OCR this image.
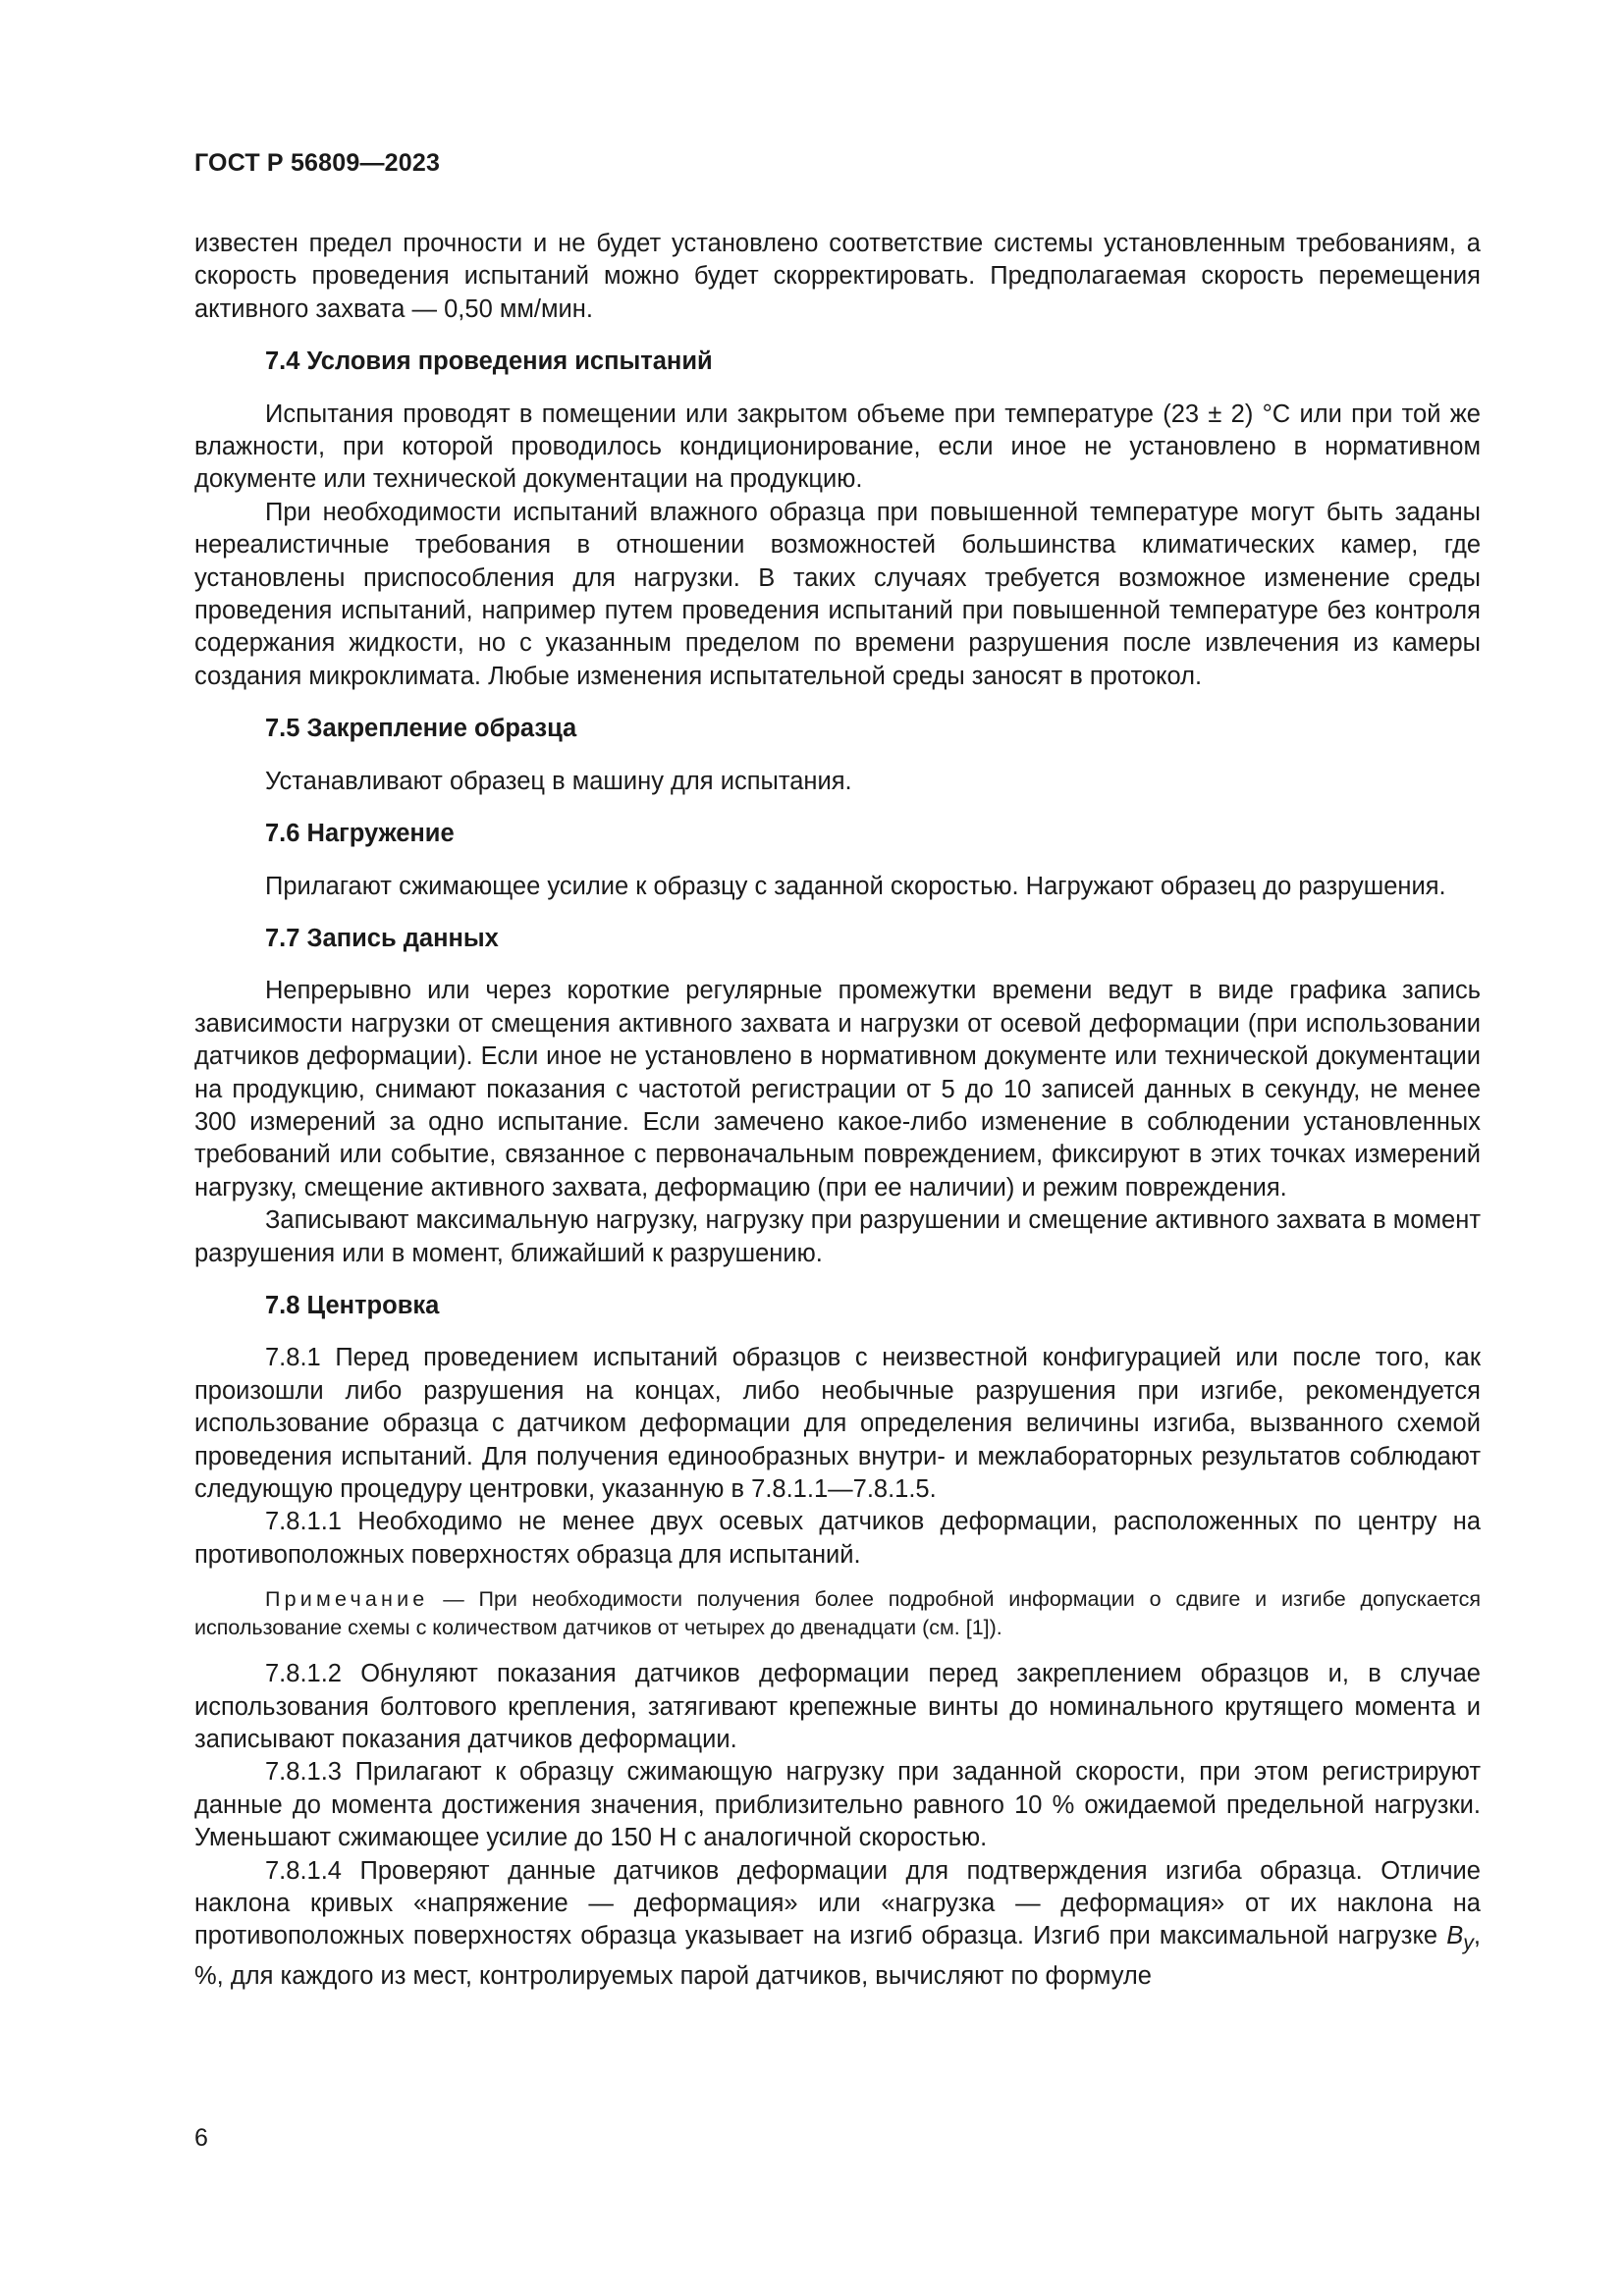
ГОСТ Р 56809—2023

известен предел прочности и не будет установлено соответствие системы установленным требованиям, а скорость проведения испытаний можно будет скорректировать. Предполагаемая скорость перемещения активного захвата — 0,50 мм/мин.

7.4 Условия проведения испытаний

Испытания проводят в помещении или закрытом объеме при температуре (23 ± 2) °С или при той же влажности, при которой проводилось кондиционирование, если иное не установлено в нормативном документе или технической документации на продукцию.

При необходимости испытаний влажного образца при повышенной температуре могут быть заданы нереалистичные требования в отношении возможностей большинства климатических камер, где установлены приспособления для нагрузки. В таких случаях требуется возможное изменение среды проведения испытаний, например путем проведения испытаний при повышенной температуре без контроля содержания жидкости, но с указанным пределом по времени разрушения после извлечения из камеры создания микроклимата. Любые изменения испытательной среды заносят в протокол.

7.5 Закрепление образца

Устанавливают образец в машину для испытания.

7.6 Нагружение

Прилагают сжимающее усилие к образцу с заданной скоростью. Нагружают образец до разрушения.

7.7 Запись данных

Непрерывно или через короткие регулярные промежутки времени ведут в виде графика запись зависимости нагрузки от смещения активного захвата и нагрузки от осевой деформации (при использовании датчиков деформации). Если иное не установлено в нормативном документе или технической документации на продукцию, снимают показания с частотой регистрации от 5 до 10 записей данных в секунду, не менее 300 измерений за одно испытание. Если замечено какое-либо изменение в соблюдении установленных требований или событие, связанное с первоначальным повреждением, фиксируют в этих точках измерений нагрузку, смещение активного захвата, деформацию (при ее наличии) и режим повреждения.

Записывают максимальную нагрузку, нагрузку при разрушении и смещение активного захвата в момент разрушения или в момент, ближайший к разрушению.

7.8 Центровка

7.8.1 Перед проведением испытаний образцов с неизвестной конфигурацией или после того, как произошли либо разрушения на концах, либо необычные разрушения при изгибе, рекомендуется использование образца с датчиком деформации для определения величины изгиба, вызванного схемой проведения испытаний. Для получения единообразных внутри- и межлабораторных результатов соблюдают следующую процедуру центровки, указанную в 7.8.1.1—7.8.1.5.

7.8.1.1 Необходимо не менее двух осевых датчиков деформации, расположенных по центру на противоположных поверхностях образца для испытаний.

Примечание — При необходимости получения более подробной информации о сдвиге и изгибе допускается использование схемы с количеством датчиков от четырех до двенадцати (см. [1]).

7.8.1.2 Обнуляют показания датчиков деформации перед закреплением образцов и, в случае использования болтового крепления, затягивают крепежные винты до номинального крутящего момента и записывают показания датчиков деформации.

7.8.1.3 Прилагают к образцу сжимающую нагрузку при заданной скорости, при этом регистрируют данные до момента достижения значения, приблизительно равного 10 % ожидаемой предельной нагрузки. Уменьшают сжимающее усилие до 150 Н с аналогичной скоростью.

7.8.1.4 Проверяют данные датчиков деформации для подтверждения изгиба образца. Отличие наклона кривых «напряжение — деформация» или «нагрузка — деформация» от их наклона на противоположных поверхностях образца указывает на изгиб образца. Изгиб при максимальной нагрузке $B_y$, %, для каждого из мест, контролируемых парой датчиков, вычисляют по формуле

6
